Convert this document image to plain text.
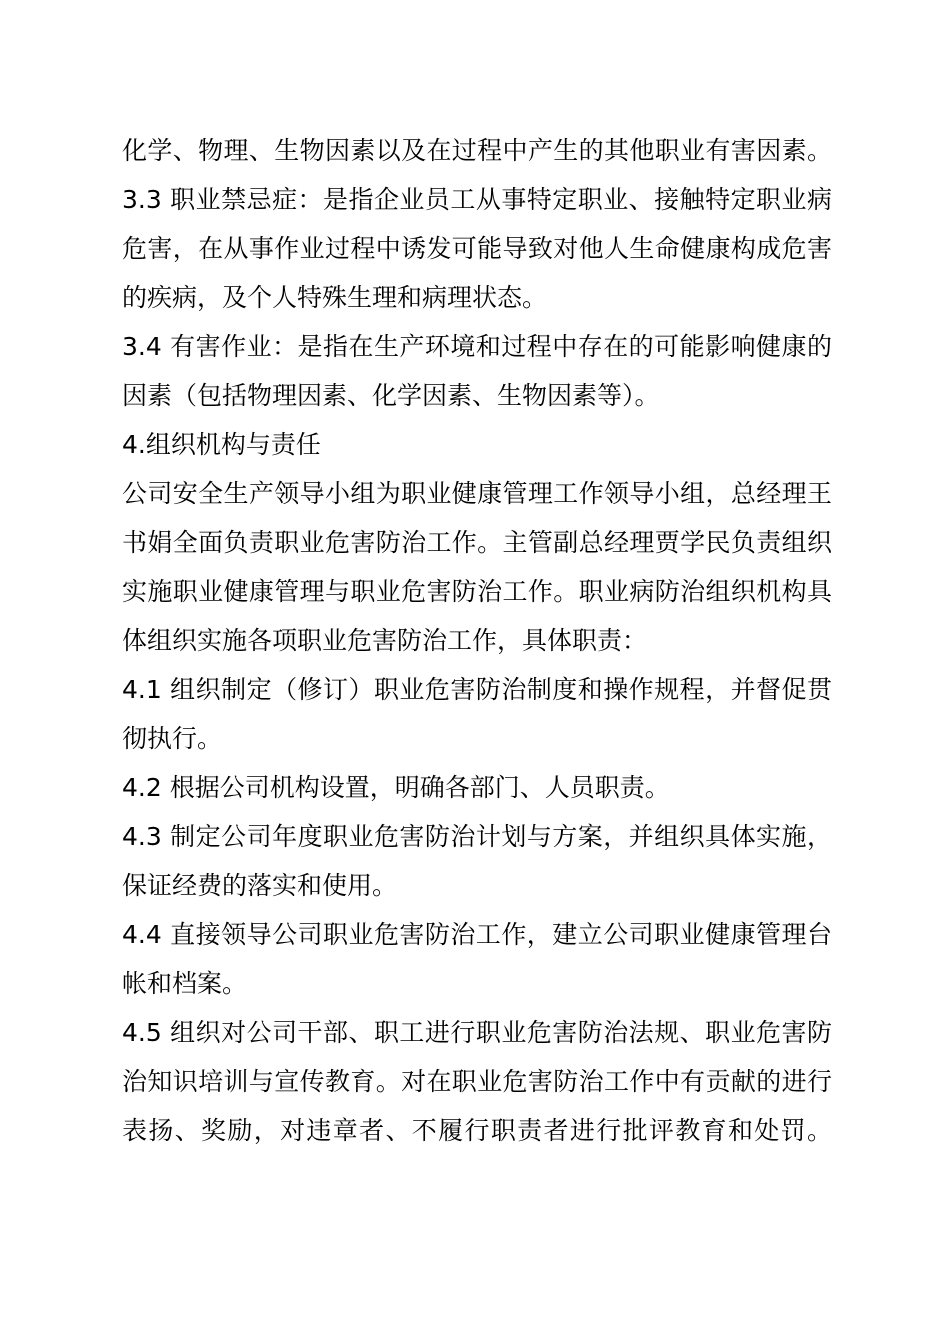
化学、物理、生物因素以及在过程中产生的其他职业有害因素。
3.3 职业禁忌症：是指企业员工从事特定职业、接触特定职业病
危害，在从事作业过程中诱发可能导致对他人生命健康构成危害
的疾病，及个人特殊生理和病理状态。
3.4 有害作业：是指在生产环境和过程中存在的可能影响健康的
因素（包括物理因素、化学因素、生物因素等）。
4.组织机构与责任
公司安全生产领导小组为职业健康管理工作领导小组，总经理王
书娟全面负责职业危害防治工作。主管副总经理贾学民负责组织
实施职业健康管理与职业危害防治工作。职业病防治组织机构具
体组织实施各项职业危害防治工作，具体职责：
4.1 组织制定（修订）职业危害防治制度和操作规程，并督促贯
彻执行。
4.2 根据公司机构设置，明确各部门、人员职责。
4.3 制定公司年度职业危害防治计划与方案，并组织具体实施，
保证经费的落实和使用。
4.4 直接领导公司职业危害防治工作，建立公司职业健康管理台
帐和档案。
4.5 组织对公司干部、职工进行职业危害防治法规、职业危害防
治知识培训与宣传教育。对在职业危害防治工作中有贡献的进行
表扬、奖励，对违章者、不履行职责者进行批评教育和处罚。
